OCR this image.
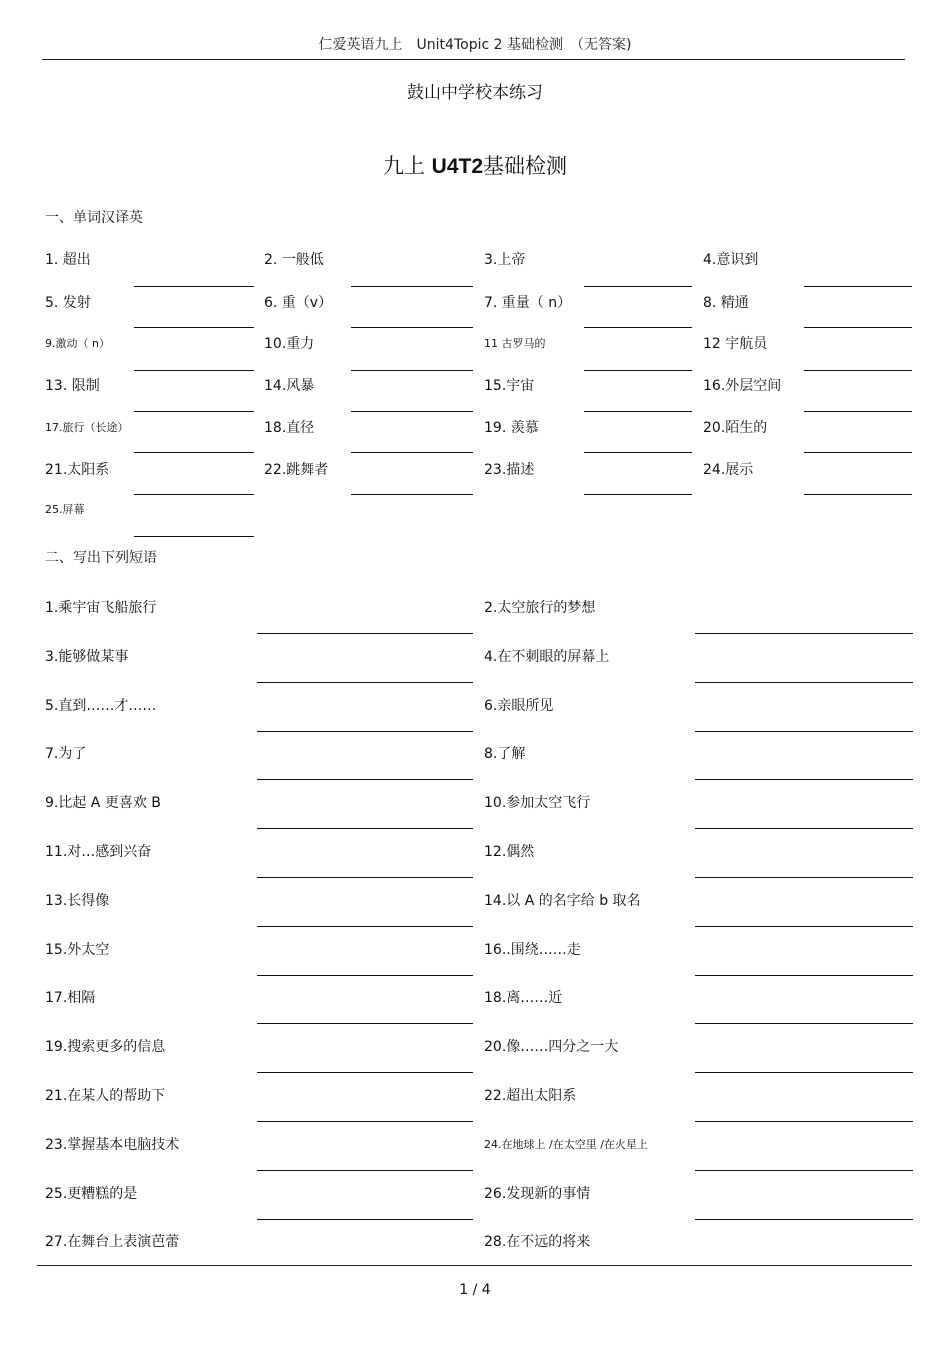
仁爱英语九上　Unit4Topic 2 基础检测　（无答案)
鼓山中学校本练习
九上 U4T2基础检测
一、单词汉译英
1. 超出	2. 一般低	3.上帝	4.意识到
5. 发射	6. 重（v）	7. 重量（ n）	8. 精通
9.激动（ n）	10.重力	11 古罗马的	12 宇航员
13. 限制	14.风暴	15.宇宙	16.外层空间
17.旅行（长途）	18.直径	19. 羡慕	20.陌生的
21.太阳系	22.跳舞者	23.描述	24.展示
25.屏幕
二、写出下列短语
1.乘宇宙飞船旅行	2.太空旅行的梦想
3.能够做某事	4.在不刺眼的屏幕上
5.直到……才……	6.亲眼所见
7.为了	8.了解
9.比起 A 更喜欢 B	10.参加太空飞行
11.对…感到兴奋	12.偶然
13.长得像	14.以 A 的名字给 b 取名
15.外太空	16..围绕……走
17.相隔	18.离……近
19.搜索更多的信息	20.像……四分之一大
21.在某人的帮助下	22.超出太阳系
23.掌握基本电脑技术	24.在地球上 /在太空里 /在火星上
25.更糟糕的是	26.发现新的事情
27.在舞台上表演芭蕾	28.在不远的将来
1 / 4
